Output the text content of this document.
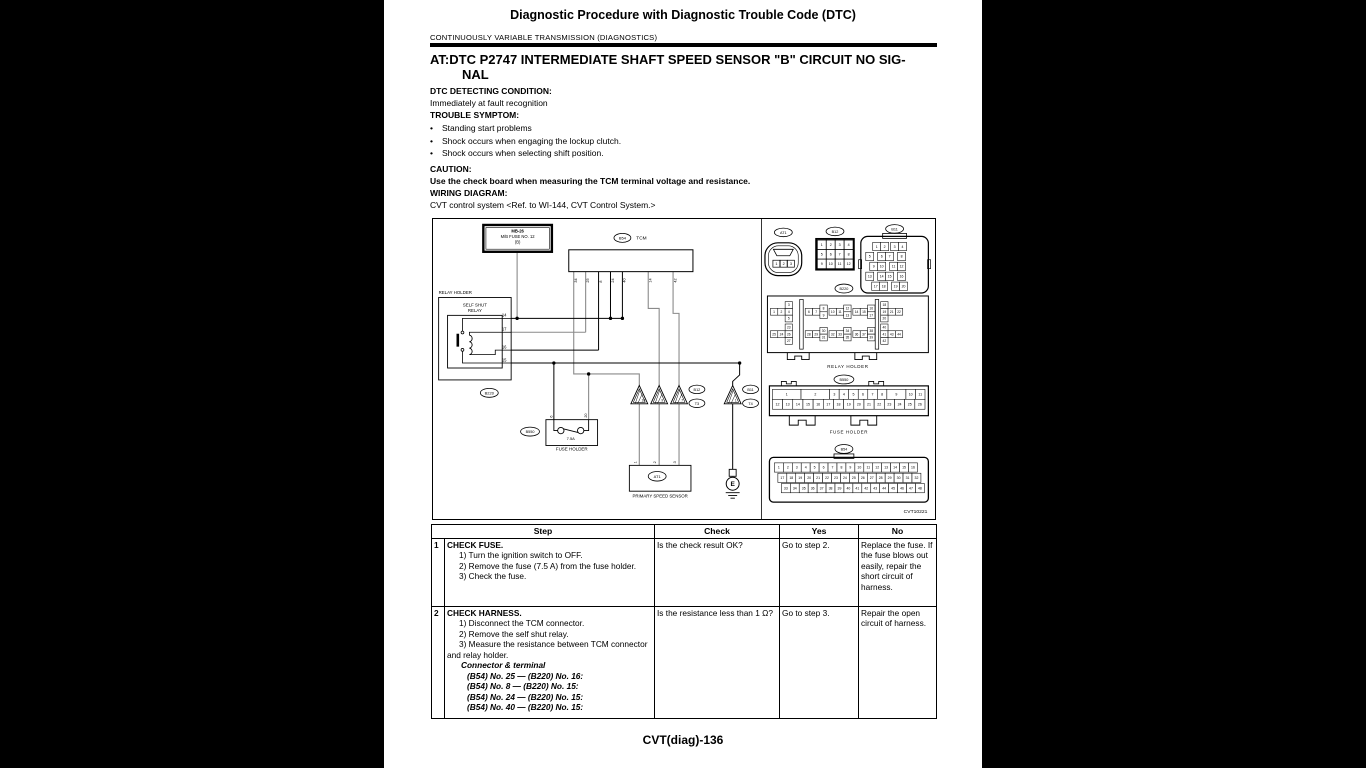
Diagnostic Procedure with Diagnostic Trouble Code (DTC)
CONTINUOUSLY VARIABLE TRANSMISSION (DIAGNOSTICS)
AT:DTC P2747 INTERMEDIATE SHAFT SPEED SENSOR "B" CIRCUIT NO SIG-
NAL
DTC DETECTING CONDITION:
Immediately at fault recognition
TROUBLE SYMPTOM:
• Standing start problems
• Shock occurs when engaging the lockup clutch.
• Shock occurs when selecting shift position.
CAUTION:
Use the check board when measuring the TCM terminal voltage and resistance.
WIRING DIAGRAM:
CVT control system <Ref. to WI-144, CVT Control System.>
MB-26
M/B FUSE NO. 12
(B)
B54 TCM
34 25 8 24 40	14	42
RELAY HOLDER
SELF SHUT
RELAY
14
17
16
15
B220
B550
6	20
7.5A
FUSE HOLDER
10	9	7	1
B12
T3
B11
T4
AT1
PRIMARY SPEED SENSOR
1	2	3
E
AT1
1 2 3
B12
1 2 3 4
5 6 7 8
9 10 11 12
B11
1 2 3 4
5	6 7	8
9 10 11 12
13 14 15 16
17 18 19 20
B220
RELAY HOLDER
1 2 4
3
5
6 7
8
9
10 11
12
13
14 15
16
17
19 21 22
18
20
25 24 26
23
27
28 29
30
31
32 33
34
35
36 37
38
39
41 43 44
40
42
B550
FUSE HOLDER
1	2	3 4 5 6 7 8	9	10 11
12 13 14 15 16 17 18 19 20 21 22 23 24 25 26
B54
1 2 3 4 5 6 7 8 9 10 11 12 13 14 15 16
17 18 19 20 21 22 23 24 25 26 27 28 29 30 31 32
33 34 35 36 37 38 39 40 41 42 43 44 45 46 47 48
CVT10221
Step		Check	Yes	No
1	CHECK FUSE.
1) Turn the ignition switch to OFF.
2) Remove the fuse (7.5 A) from the fuse holder.
3) Check the fuse.	Is the check result OK?	Go to step 2.	Replace the fuse. If the fuse blows out easily, repair the short circuit of harness.
2	CHECK HARNESS.
1) Disconnect the TCM connector.
2) Remove the self shut relay.
3) Measure the resistance between TCM connector and relay holder.
Connector & terminal
(B54) No. 25 — (B220) No. 16:
(B54) No. 8 — (B220) No. 15:
(B54) No. 24 — (B220) No. 15:
(B54) No. 40 — (B220) No. 15:
	Is the resistance less than 1 Ω?	Go to step 3.	Repair the open circuit of harness.
CVT(diag)-136
